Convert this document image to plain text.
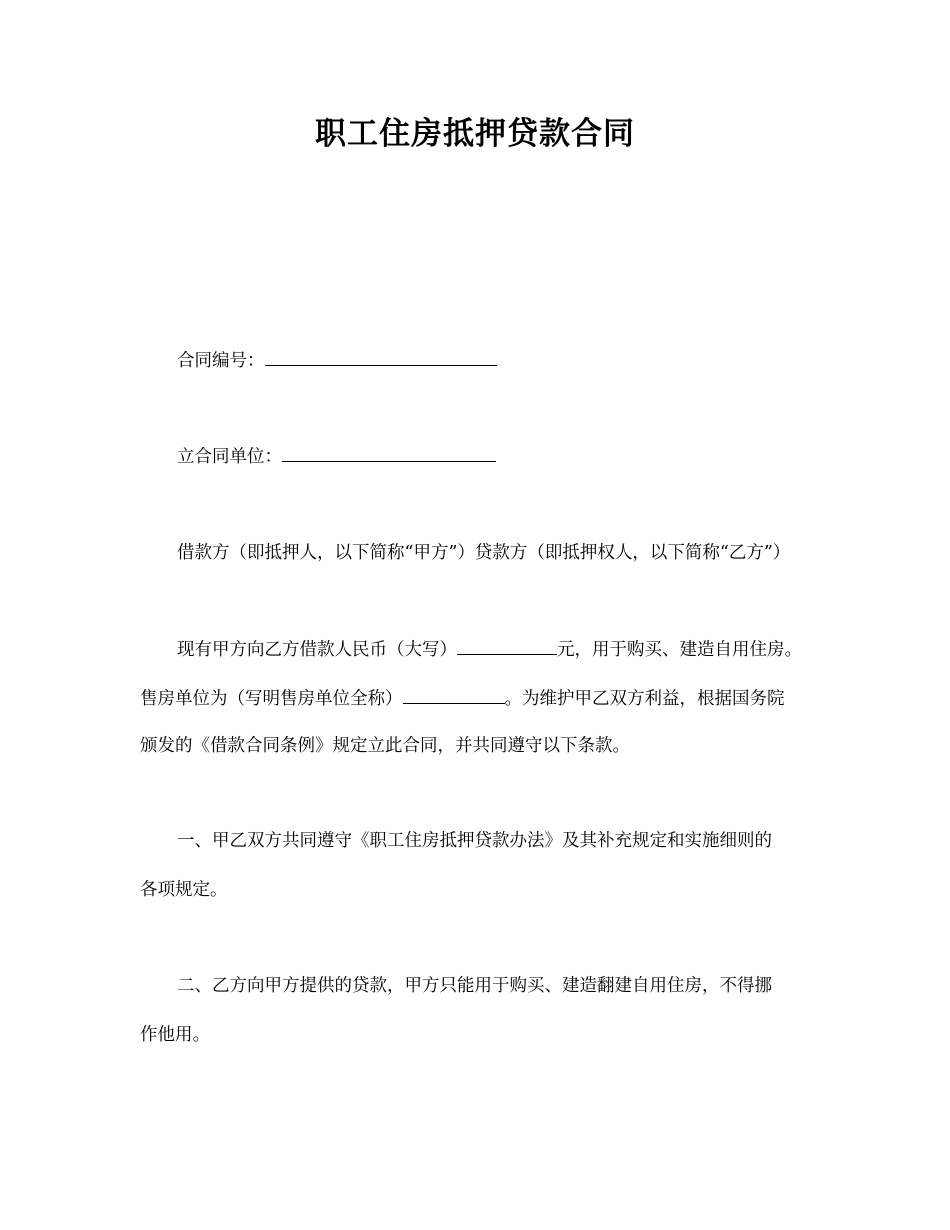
职工住房抵押贷款合同
合同编号：
立合同单位：
借款方（即抵押人，以下简称“甲方”）贷款方（即抵押权人，以下简称“乙方”）
现有甲方向乙方借款人民币（大写）	元，用于购买、建造自用住房。
售房单位为（写明售房单位全称）	。为维护甲乙双方利益，根据国务院
颁发的《借款合同条例》规定立此合同，并共同遵守以下条款。
一、甲乙双方共同遵守《职工住房抵押贷款办法》及其补充规定和实施细则的
各项规定。
二、乙方向甲方提供的贷款，甲方只能用于购买、建造翻建自用住房，不得挪
作他用。
